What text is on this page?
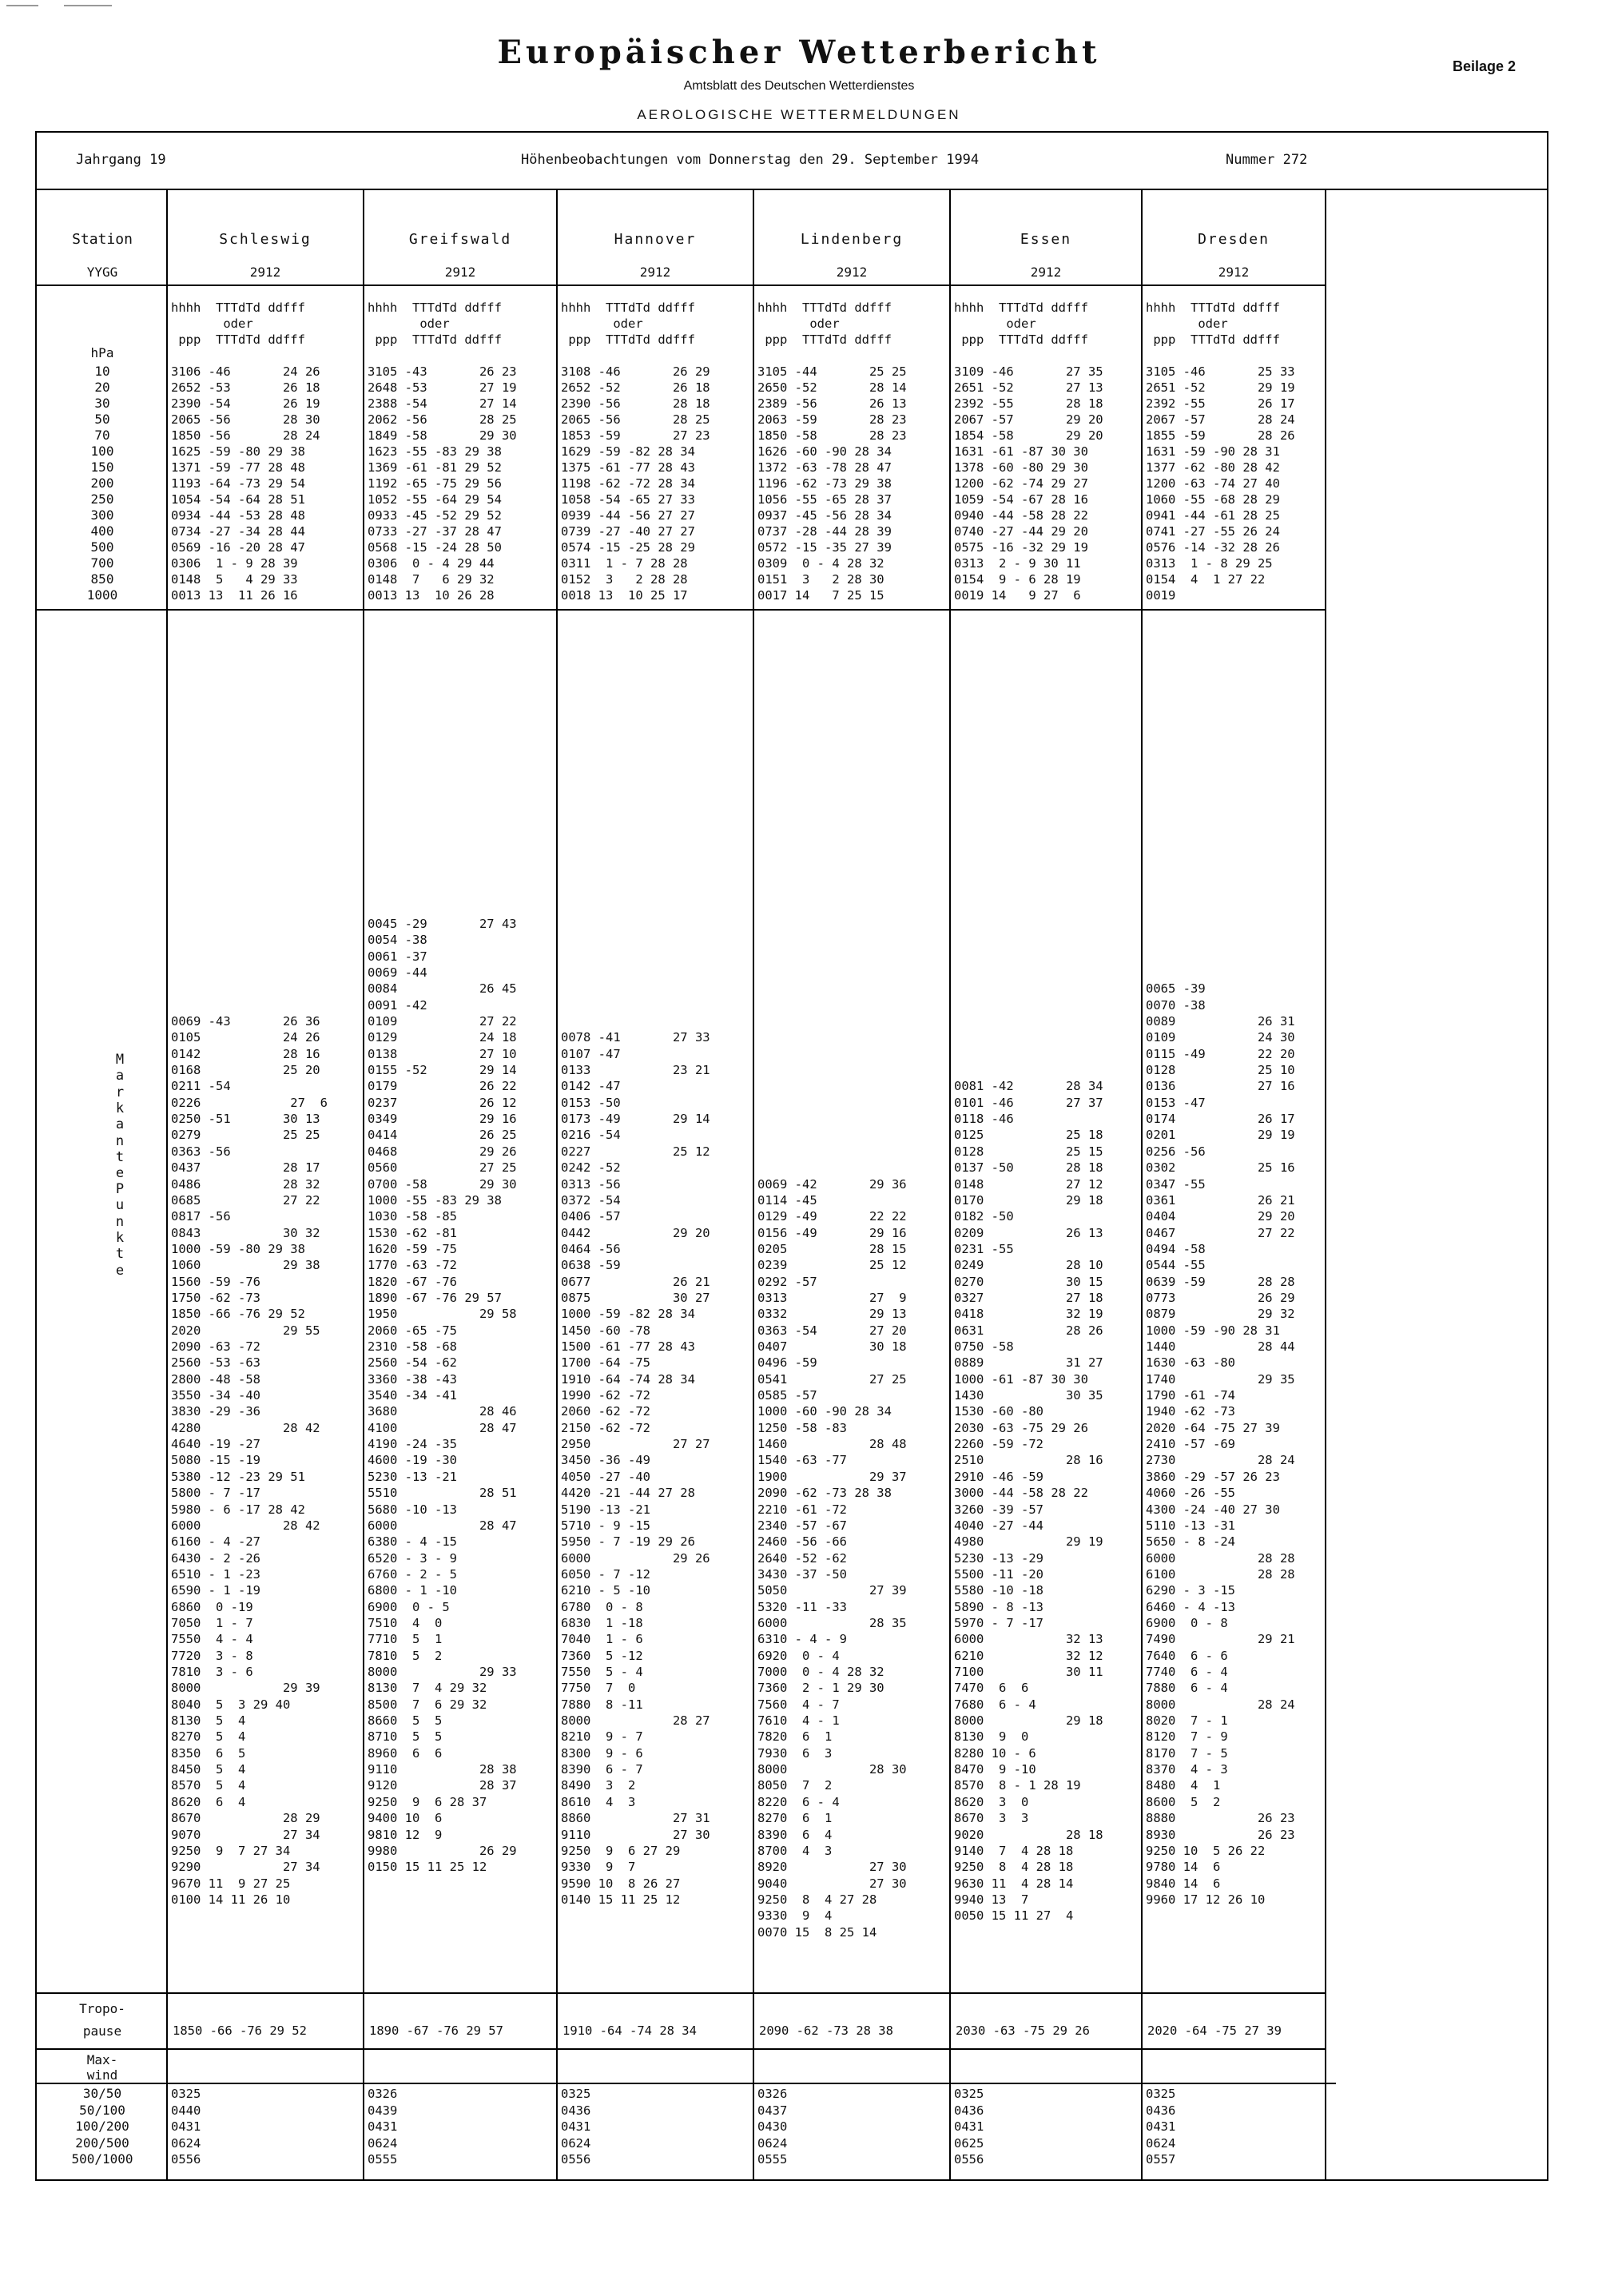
Europäischer Wetterbericht
Amtsblatt des Deutschen Wetterdienstes
AEROLOGISCHE WETTERMELDUNGEN
Beilage 2
Jahrgang 19	Höhenbeobachtungen vom Donnerstag den 29. September 1994	Nummer 272
Station
YYGG
hPa
Tropo-
pause
Max-
wind
10
20
30
50
70
100
150
200
250
300
400
500
700
850
1000
30/50
50/100
100/200
200/500
500/1000
M
a
r
k
a
n
t
e
P
u
n
k
t
e
Schleswig
2912
hhhh  TTTdTd ddfff
oder
ppp  TTTdTd ddfff
3106 -46       24 26
2652 -53       26 18
2390 -54       26 19
2065 -56       28 30
1850 -56       28 24
1625 -59 -80 29 38
1371 -59 -77 28 48
1193 -64 -73 29 54
1054 -54 -64 28 51
0934 -44 -53 28 48
0734 -27 -34 28 44
0569 -16 -20 28 47
0306  1 - 9 28 39
0148  5   4 29 33
0013 13  11 26 16
0069 -43       26 36
0105           24 26
0142           28 16
0168           25 20
0211 -54
0226            27  6
0250 -51       30 13
0279           25 25
0363 -56
0437           28 17
0486           28 32
0685           27 22
0817 -56
0843           30 32
1000 -59 -80 29 38
1060           29 38
1560 -59 -76
1750 -62 -73
1850 -66 -76 29 52
2020           29 55
2090 -63 -72
2560 -53 -63
2800 -48 -58
3550 -34 -40
3830 -29 -36
4280           28 42
4640 -19 -27
5080 -15 -19
5380 -12 -23 29 51
5800 - 7 -17
5980 - 6 -17 28 42
6000           28 42
6160 - 4 -27
6430 - 2 -26
6510 - 1 -23
6590 - 1 -19
6860  0 -19
7050  1 - 7
7550  4 - 4
7720  3 - 8
7810  3 - 6
8000           29 39
8040  5  3 29 40
8130  5  4
8270  5  4
8350  6  5
8450  5  4
8570  5  4
8620  6  4
8670           28 29
9070           27 34
9250  9  7 27 34
9290           27 34
9670 11  9 27 25
0100 14 11 26 10
1850 -66 -76 29 52
0325
0440
0431
0624
0556
Greifswald
2912
hhhh  TTTdTd ddfff
oder
ppp  TTTdTd ddfff
3105 -43       26 23
2648 -53       27 19
2388 -54       27 14
2062 -56       28 25
1849 -58       29 30
1623 -55 -83 29 38
1369 -61 -81 29 52
1192 -65 -75 29 56
1052 -55 -64 29 54
0933 -45 -52 29 52
0733 -27 -37 28 47
0568 -15 -24 28 50
0306  0 - 4 29 44
0148  7   6 29 32
0013 13  10 26 28
0045 -29       27 43
0054 -38
0061 -37
0069 -44
0084           26 45
0091 -42
0109           27 22
0129           24 18
0138           27 10
0155 -52       29 14
0179           26 22
0237           26 12
0349           29 16
0414           26 25
0468           29 26
0560           27 25
0700 -58       29 30
1000 -55 -83 29 38
1030 -58 -85
1530 -62 -81
1620 -59 -75
1770 -63 -72
1820 -67 -76
1890 -67 -76 29 57
1950           29 58
2060 -65 -75
2310 -58 -68
2560 -54 -62
3360 -38 -43
3540 -34 -41
3680           28 46
4100           28 47
4190 -24 -35
4600 -19 -30
5230 -13 -21
5510           28 51
5680 -10 -13
6000           28 47
6380 - 4 -15
6520 - 3 - 9
6760 - 2 - 5
6800 - 1 -10
6900  0 - 5
7510  4  0
7710  5  1
7810  5  2
8000           29 33
8130  7  4 29 32
8500  7  6 29 32
8660  5  5
8710  5  5
8960  6  6
9110           28 38
9120           28 37
9250  9  6 28 37
9400 10  6
9810 12  9
9980           26 29
0150 15 11 25 12
1890 -67 -76 29 57
0326
0439
0431
0624
0555
Hannover
2912
hhhh  TTTdTd ddfff
oder
ppp  TTTdTd ddfff
3108 -46       26 29
2652 -52       26 18
2390 -56       28 18
2065 -56       28 25
1853 -59       27 23
1629 -59 -82 28 34
1375 -61 -77 28 43
1198 -62 -72 28 34
1058 -54 -65 27 33
0939 -44 -56 27 27
0739 -27 -40 27 27
0574 -15 -25 28 29
0311  1 - 7 28 28
0152  3   2 28 28
0018 13  10 25 17
0078 -41       27 33
0107 -47
0133           23 21
0142 -47
0153 -50
0173 -49       29 14
0216 -54
0227           25 12
0242 -52
0313 -56
0372 -54
0406 -57
0442           29 20
0464 -56
0638 -59
0677           26 21
0875           30 27
1000 -59 -82 28 34
1450 -60 -78
1500 -61 -77 28 43
1700 -64 -75
1910 -64 -74 28 34
1990 -62 -72
2060 -62 -72
2150 -62 -72
2950           27 27
3450 -36 -49
4050 -27 -40
4420 -21 -44 27 28
5190 -13 -21
5710 - 9 -15
5950 - 7 -19 29 26
6000           29 26
6050 - 7 -12
6210 - 5 -10
6780  0 - 8
6830  1 -18
7040  1 - 6
7360  5 -12
7550  5 - 4
7750  7  0
7880  8 -11
8000           28 27
8210  9 - 7
8300  9 - 6
8390  6 - 7
8490  3  2
8610  4  3
8860           27 31
9110           27 30
9250  9  6 27 29
9330  9  7
9590 10  8 26 27
0140 15 11 25 12
1910 -64 -74 28 34
0325
0436
0431
0624
0556
Lindenberg
2912
hhhh  TTTdTd ddfff
oder
ppp  TTTdTd ddfff
3105 -44       25 25
2650 -52       28 14
2389 -56       26 13
2063 -59       28 23
1850 -58       28 23
1626 -60 -90 28 34
1372 -63 -78 28 47
1196 -62 -73 29 38
1056 -55 -65 28 37
0937 -45 -56 28 34
0737 -28 -44 28 39
0572 -15 -35 27 39
0309  0 - 4 28 32
0151  3   2 28 30
0017 14   7 25 15
0069 -42       29 36
0114 -45
0129 -49       22 22
0156 -49       29 16
0205           28 15
0239           25 12
0292 -57
0313           27  9
0332           29 13
0363 -54       27 20
0407           30 18
0496 -59
0541           27 25
0585 -57
1000 -60 -90 28 34
1250 -58 -83
1460           28 48
1540 -63 -77
1900           29 37
2090 -62 -73 28 38
2210 -61 -72
2340 -57 -67
2460 -56 -66
2640 -52 -62
3430 -37 -50
5050           27 39
5320 -11 -33
6000           28 35
6310 - 4 - 9
6920  0 - 4
7000  0 - 4 28 32
7360  2 - 1 29 30
7560  4 - 7
7610  4 - 1
7820  6  1
7930  6  3
8000           28 30
8050  7  2
8220  6 - 4
8270  6  1
8390  6  4
8700  4  3
8920           27 30
9040           27 30
9250  8  4 27 28
9330  9  4
0070 15  8 25 14
2090 -62 -73 28 38
0326
0437
0430
0624
0555
Essen
2912
hhhh  TTTdTd ddfff
oder
ppp  TTTdTd ddfff
3109 -46       27 35
2651 -52       27 13
2392 -55       28 18
2067 -57       29 20
1854 -58       29 20
1631 -61 -87 30 30
1378 -60 -80 29 30
1200 -62 -74 29 27
1059 -54 -67 28 16
0940 -44 -58 28 22
0740 -27 -44 29 20
0575 -16 -32 29 19
0313  2 - 9 30 11
0154  9 - 6 28 19
0019 14   9 27  6
0081 -42       28 34
0101 -46       27 37
0118 -46
0125           25 18
0128           25 15
0137 -50       28 18
0148           27 12
0170           29 18
0182 -50
0209           26 13
0231 -55
0249           28 10
0270           30 15
0327           27 18
0418           32 19
0631           28 26
0750 -58
0889           31 27
1000 -61 -87 30 30
1430           30 35
1530 -60 -80
2030 -63 -75 29 26
2260 -59 -72
2510           28 16
2910 -46 -59
3000 -44 -58 28 22
3260 -39 -57
4040 -27 -44
4980           29 19
5230 -13 -29
5500 -11 -20
5580 -10 -18
5890 - 8 -13
5970 - 7 -17
6000           32 13
6210           32 12
7100           30 11
7470  6  6
7680  6 - 4
8000           29 18
8130  9  0
8280 10 - 6
8470  9 -10
8570  8 - 1 28 19
8620  3  0
8670  3  3
9020           28 18
9140  7  4 28 18
9250  8  4 28 18
9630 11  4 28 14
9940 13  7
0050 15 11 27  4
2030 -63 -75 29 26
0325
0436
0431
0625
0556
Dresden
2912
hhhh  TTTdTd ddfff
oder
ppp  TTTdTd ddfff
3105 -46       25 33
2651 -52       29 19
2392 -55       26 17
2067 -57       28 24
1855 -59       28 26
1631 -59 -90 28 31
1377 -62 -80 28 42
1200 -63 -74 27 40
1060 -55 -68 28 29
0941 -44 -61 28 25
0741 -27 -55 26 24
0576 -14 -32 28 26
0313  1 - 8 29 25
0154  4  1 27 22
0019
0065 -39
0070 -38
0089           26 31
0109           24 30
0115 -49       22 20
0128           25 10
0136           27 16
0153 -47
0174           26 17
0201           29 19
0256 -56
0302           25 16
0347 -55
0361           26 21
0404           29 20
0467           27 22
0494 -58
0544 -55
0639 -59       28 28
0773           26 29
0879           29 32
1000 -59 -90 28 31
1440           28 44
1630 -63 -80
1740           29 35
1790 -61 -74
1940 -62 -73
2020 -64 -75 27 39
2410 -57 -69
2730           28 24
3860 -29 -57 26 23
4060 -26 -55
4300 -24 -40 27 30
5110 -13 -31
5650 - 8 -24
6000           28 28
6100           28 28
6290 - 3 -15
6460 - 4 -13
6900  0 - 8
7490           29 21
7640  6 - 6
7740  6 - 4
7880  6 - 4
8000           28 24
8020  7 - 1
8120  7 - 9
8170  7 - 5
8370  4 - 3
8480  4  1
8600  5  2
8880           26 23
8930           26 23
9250 10  5 26 22
9780 14  6
9840 14  6
9960 17 12 26 10
2020 -64 -75 27 39
0325
0436
0431
0624
0557
